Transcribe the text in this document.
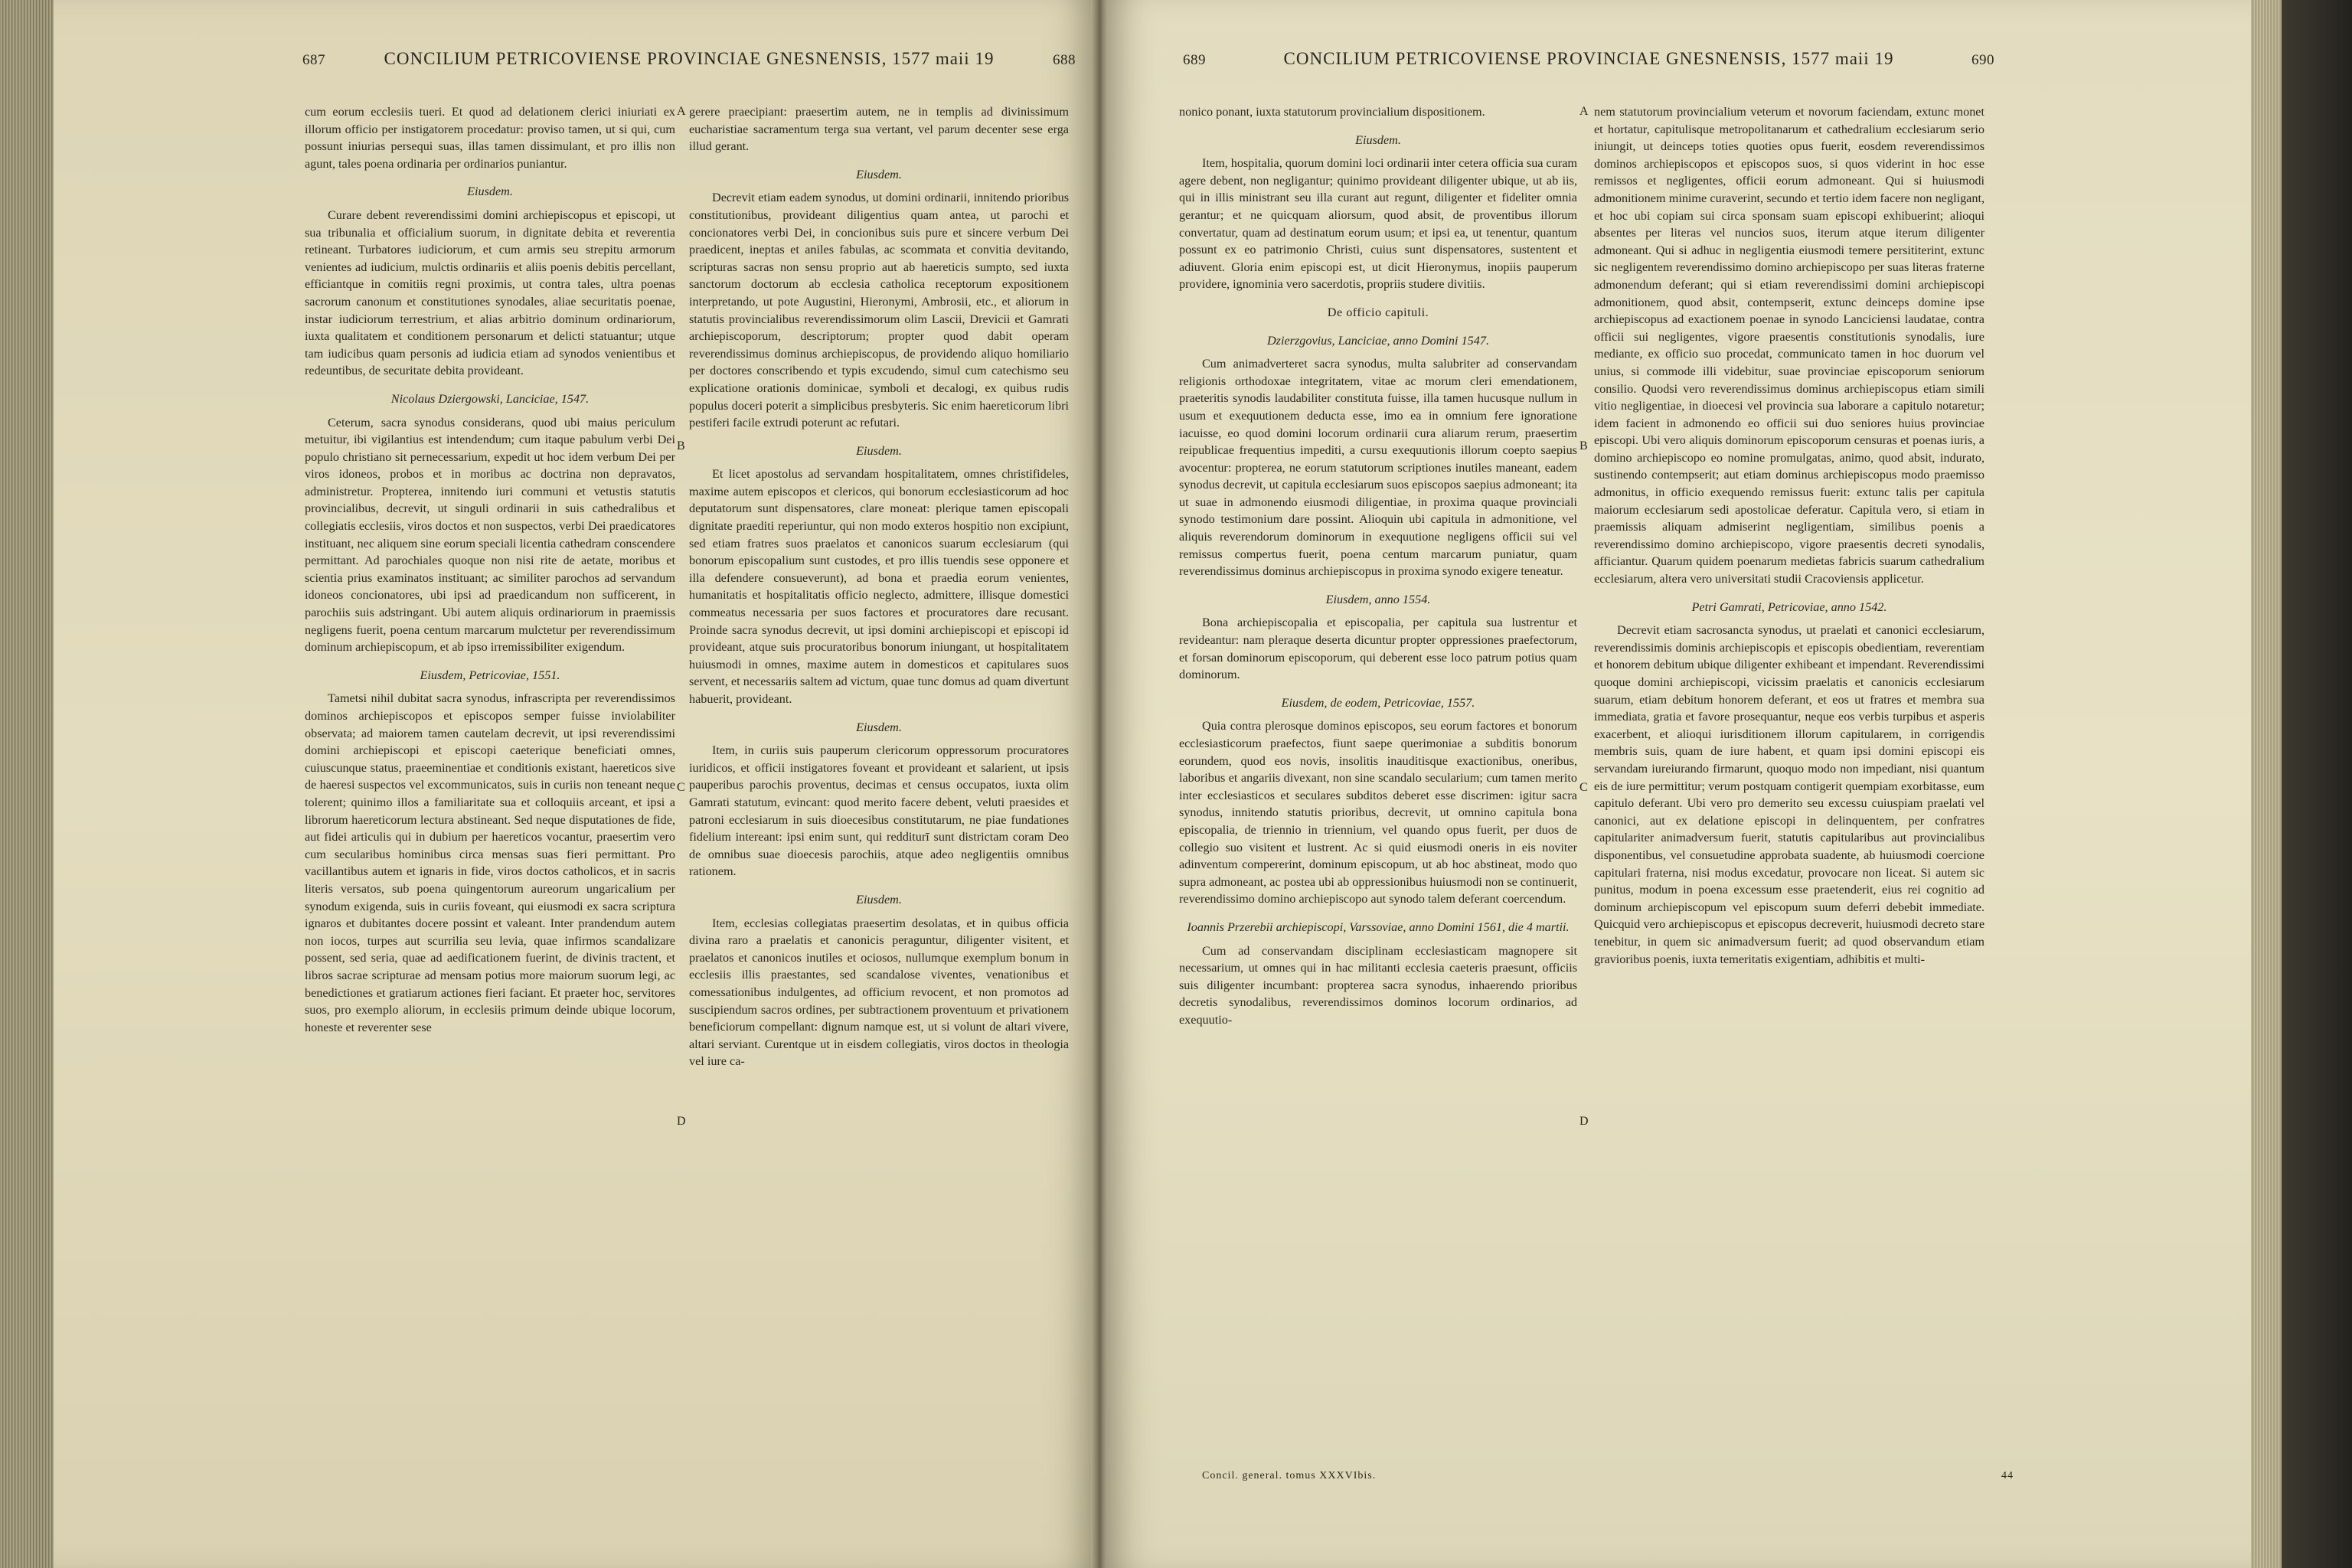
687	CONCILIUM PETRICOVIENSE PROVINCIAE GNESNENSIS, 1577 maii 19	688

cum eorum ecclesiis tueri. Et quod ad delationem clerici iniuriati ex illorum officio per instigatorem procedatur: proviso tamen, ut si qui, cum possunt iniurias persequi suas, illas tamen dissimulant, et pro illis non agunt, tales poena ordinaria per ordinarios puniantur.

Eiusdem.

Curare debent reverendissimi domini archiepiscopus et episcopi, ut sua tribunalia et officialium suorum, in dignitate debita et reverentia retineant. Turbatores iudiciorum, et cum armis seu strepitu armorum venientes ad iudicium, mulctis ordinariis et aliis poenis debitis percellant, efficiantque in comitiis regni proximis, ut contra tales, ultra poenas sacrorum canonum et constitutiones synodales, aliae securitatis poenae, instar iudiciorum terrestrium, et alias arbitrio dominum ordinariorum, iuxta qualitatem et conditionem personarum et delicti statuantur; utque tam iudicibus quam personis ad iudicia etiam ad synodos venientibus et redeuntibus, de securitate debita provideant.

Nicolaus Dziergowski, Lanciciae, 1547.

Ceterum, sacra synodus considerans, quod ubi maius periculum metuitur, ibi vigilantius est intendendum; cum itaque pabulum verbi Dei populo christiano sit pernecessarium, expedit ut hoc idem verbum Dei per viros idoneos, probos et in moribus ac doctrina non depravatos, administretur. Propterea, innitendo iuri communi et vetustis statutis provincialibus, decrevit, ut singuli ordinarii in suis cathedralibus et collegiatis ecclesiis, viros doctos et non suspectos, verbi Dei praedicatores instituant, nec aliquem sine eorum speciali licentia cathedram conscendere permittant. Ad parochiales quoque non nisi rite de aetate, moribus et scientia prius examinatos instituant; ac similiter parochos ad servandum idoneos concionatores, ubi ipsi ad praedicandum non sufficerent, in parochiis suis adstringant. Ubi autem aliquis ordinariorum in praemissis negligens fuerit, poena centum marcarum mulctetur per reverendissimum dominum archiepiscopum, et ab ipso irremissibiliter exigendum.

Eiusdem, Petricoviae, 1551.

Tametsi nihil dubitat sacra synodus, infrascripta per reverendissimos dominos archiepiscopos et episcopos semper fuisse inviolabiliter observata; ad maiorem tamen cautelam decrevit, ut ipsi reverendissimi domini archiepiscopi et episcopi caeterique beneficiati omnes, cuiuscunque status, praeeminentiae et conditionis existant, haereticos sive de haeresi suspectos vel excommunicatos, suis in curiis non teneant neque tolerent; quinimo illos a familiaritate sua et colloquiis arceant, et ipsi a librorum haereticorum lectura abstineant. Sed neque disputationes de fide, aut fidei articulis qui in dubium per haereticos vocantur, praesertim vero cum secularibus hominibus circa mensas suas fieri permittant. Pro vacillantibus autem et ignaris in fide, viros doctos catholicos, et in sacris literis versatos, sub poena quingentorum aureorum ungaricalium per synodum exigenda, suis in curiis foveant, qui eiusmodi ex sacra scriptura ignaros et dubitantes docere possint et valeant. Inter prandendum autem non iocos, turpes aut scurrilia seu levia, quae infirmos scandalizare possent, sed seria, quae ad aedificationem fuerint, de divinis tractent, et libros sacrae scripturae ad mensam potius more maiorum suorum legi, ac benedictiones et gratiarum actiones fieri faciant. Et praeter hoc, servitores suos, pro exemplo aliorum, in ecclesiis primum deinde ubique locorum, honeste et reverenter sese

gerere praecipiant: praesertim autem, ne in templis ad divinissimum eucharistiae sacramentum terga sua vertant, vel parum decenter sese erga illud gerant.

Eiusdem.

Decrevit etiam eadem synodus, ut domini ordinarii, innitendo prioribus constitutionibus, provideant diligentius quam antea, ut parochi et concionatores verbi Dei, in concionibus suis pure et sincere verbum Dei praedicent, ineptas et aniles fabulas, ac scommata et convitia devitando, scripturas sacras non sensu proprio aut ab haereticis sumpto, sed iuxta sanctorum doctorum ab ecclesia catholica receptorum expositionem interpretando, ut pote Augustini, Hieronymi, Ambrosii, etc., et aliorum in statutis provincialibus reverendissimorum olim Lascii, Drevicii et Gamrati archiepiscoporum, descriptorum; propter quod dabit operam reverendissimus dominus archiepiscopus, de providendo aliquo homiliario per doctores conscribendo et typis excudendo, simul cum catechismo seu explicatione orationis dominicae, symboli et decalogi, ex quibus rudis populus doceri poterit a simplicibus presbyteris. Sic enim haereticorum libri pestiferi facile extrudi poterunt ac refutari.

Eiusdem.

Et licet apostolus ad servandam hospitalitatem, omnes christifideles, maxime autem episcopos et clericos, qui bonorum ecclesiasticorum ad hoc deputatorum sunt dispensatores, clare moneat: plerique tamen episcopali dignitate praediti reperiuntur, qui non modo exteros hospitio non excipiunt, sed etiam fratres suos praelatos et canonicos suarum ecclesiarum (qui bonorum episcopalium sunt custodes, et pro illis tuendis sese opponere et illa defendere consueverunt), ad bona et praedia eorum venientes, humanitatis et hospitalitatis officio neglecto, admittere, illisque domestici commeatus necessaria per suos factores et procuratores dare recusant. Proinde sacra synodus decrevit, ut ipsi domini archiepiscopi et episcopi id provideant, atque suis procuratoribus bonorum iniungant, ut hospitalitatem huiusmodi in omnes, maxime autem in domesticos et capitulares suos servent, et necessariis saltem ad victum, quae tunc domus ad quam divertunt habuerit, provideant.

Eiusdem.

Item, in curiis suis pauperum clericorum oppressorum procuratores iuridicos, et officii instigatores foveant et provideant et salarient, ut ipsis pauperibus parochis proventus, decimas et census occupatos, iuxta olim Gamrati statutum, evincant: quod merito facere debent, veluti praesides et patroni ecclesiarum in suis dioecesibus constitutarum, ne piae fundationes fidelium intereant: ipsi enim sunt, qui redditurī sunt districtam coram Deo de omnibus suae dioecesis parochiis, atque adeo negligentiis omnibus rationem.

Eiusdem.

Item, ecclesias collegiatas praesertim desolatas, et in quibus officia divina raro a praelatis et canonicis peraguntur, diligenter visitent, et praelatos et canonicos inutiles et ociosos, nullumque exemplum bonum in ecclesiis illis praestantes, sed scandalose viventes, venationibus et comessationibus indulgentes, ad officium revocent, et non promotos ad suscipiendum sacros ordines, per subtractionem proventuum et privationem beneficiorum compellant: dignum namque est, ut si volunt de altari vivere, altari serviant. Curentque ut in eisdem collegiatis, viros doctos in theologia vel iure ca-

A
B
C
D
689	CONCILIUM PETRICOVIENSE PROVINCIAE GNESNENSIS, 1577 maii 19	690

nonico ponant, iuxta statutorum provincialium dispositionem.

Eiusdem.

Item, hospitalia, quorum domini loci ordinarii inter cetera officia sua curam agere debent, non negligantur; quinimo provideant diligenter ubique, ut ab iis, qui in illis ministrant seu illa curant aut regunt, diligenter et fideliter omnia gerantur; et ne quicquam aliorsum, quod absit, de proventibus illorum convertatur, quam ad destinatum eorum usum; et ipsi ea, ut tenentur, quantum possunt ex eo patrimonio Christi, cuius sunt dispensatores, sustentent et adiuvent. Gloria enim episcopi est, ut dicit Hieronymus, inopiis pauperum providere, ignominia vero sacerdotis, propriis studere divitiis.

De officio capituli.

Dzierzgovius, Lanciciae, anno Domini 1547.

Cum animadverteret sacra synodus, multa salubriter ad conservandam religionis orthodoxae integritatem, vitae ac morum cleri emendationem, praeteritis synodis laudabiliter constituta fuisse, illa tamen hucusque nullum in usum et exequutionem deducta esse, imo ea in omnium fere ignoratione iacuisse, eo quod domini locorum ordinarii cura aliarum rerum, praesertim reipublicae frequentius impediti, a cursu exequutionis illorum coepto saepius avocentur: propterea, ne eorum statutorum scriptiones inutiles maneant, eadem synodus decrevit, ut capitula ecclesiarum suos episcopos saepius admoneant; ita ut suae in admonendo eiusmodi diligentiae, in proxima quaque provinciali synodo testimonium dare possint. Alioquin ubi capitula in admonitione, vel aliquis reverendorum dominorum in exequutione negligens officii sui vel remissus compertus fuerit, poena centum marcarum puniatur, quam reverendissimus dominus archiepiscopus in proxima synodo exigere teneatur.

Eiusdem, anno 1554.

Bona archiepiscopalia et episcopalia, per capitula sua lustrentur et revideantur: nam pleraque deserta dicuntur propter oppressiones praefectorum, et forsan dominorum episcoporum, qui deberent esse loco patrum potius quam dominorum.

Eiusdem, de eodem, Petricoviae, 1557.

Quia contra plerosque dominos episcopos, seu eorum factores et bonorum ecclesiasticorum praefectos, fiunt saepe querimoniae a subditis bonorum eorundem, quod eos novis, insolitis inauditisque exactionibus, oneribus, laboribus et angariis divexant, non sine scandalo secularium; cum tamen merito inter ecclesiasticos et seculares subditos deberet esse discrimen: igitur sacra synodus, innitendo statutis prioribus, decrevit, ut omnino capitula bona episcopalia, de triennio in triennium, vel quando opus fuerit, per duos de collegio suo visitent et lustrent. Ac si quid eiusmodi oneris in eis noviter adinventum compererint, dominum episcopum, ut ab hoc abstineat, modo quo supra admoneant, ac postea ubi ab oppressionibus huiusmodi non se continuerit, reverendissimo domino archiepiscopo aut synodo talem deferant coercendum.

Ioannis Przerebii archiepiscopi, Varssoviae, anno Domini 1561, die 4 martii.

Cum ad conservandam disciplinam ecclesiasticam magnopere sit necessarium, ut omnes qui in hac militanti ecclesia caeteris praesunt, officiis suis diligenter incumbant: propterea sacra synodus, inhaerendo prioribus decretis synodalibus, reverendissimos dominos locorum ordinarios, ad exequutio-

nem statutorum provincialium veterum et novorum faciendam, extunc monet et hortatur, capitulisque metropolitanarum et cathedralium ecclesiarum serio iniungit, ut deinceps toties quoties opus fuerit, eosdem reverendissimos dominos archiepiscopos et episcopos suos, si quos viderint in hoc esse remissos et negligentes, officii eorum admoneant. Qui si huiusmodi admonitionem minime curaverint, secundo et tertio idem facere non negligant, et hoc ubi copiam sui circa sponsam suam episcopi exhibuerint; alioqui absentes per literas vel nuncios suos, iterum atque iterum diligenter admoneant. Qui si adhuc in negligentia eiusmodi temere persititerint, extunc sic negligentem reverendissimo domino archiepiscopo per suas literas fraterne admonendum deferant; qui si etiam reverendissimi domini archiepiscopi admonitionem, quod absit, contempserit, extunc deinceps domine ipse archiepiscopus ad exactionem poenae in synodo Lanciciensi laudatae, contra officii sui negligentes, vigore praesentis constitutionis synodalis, iure mediante, ex officio suo procedat, communicato tamen in hoc duorum vel unius, si commode illi videbitur, suae provinciae episcoporum seniorum consilio. Quodsi vero reverendissimus dominus archiepiscopus etiam simili vitio negligentiae, in dioecesi vel provincia sua laborare a capitulo notaretur; idem facient in admonendo eo officii sui duo seniores huius provinciae episcopi. Ubi vero aliquis dominorum episcoporum censuras et poenas iuris, a domino archiepiscopo eo nomine promulgatas, animo, quod absit, indurato, sustinendo contempserit; aut etiam dominus archiepiscopus modo praemisso admonitus, in officio exequendo remissus fuerit: extunc talis per capitula maiorum ecclesiarum sedi apostolicae deferatur. Capitula vero, si etiam in praemissis aliquam admiserint negligentiam, similibus poenis a reverendissimo domino archiepiscopo, vigore praesentis decreti synodalis, afficiantur. Quarum quidem poenarum medietas fabricis suarum cathedralium ecclesiarum, altera vero universitati studii Cracoviensis applicetur.

Petri Gamrati, Petricoviae, anno 1542.

Decrevit etiam sacrosancta synodus, ut praelati et canonici ecclesiarum, reverendissimis dominis archiepiscopis et episcopis obedientiam, reverentiam et honorem debitum ubique diligenter exhibeant et impendant. Reverendissimi quoque domini archiepiscopi, vicissim praelatis et canonicis ecclesiarum suarum, etiam debitum honorem deferant, et eos ut fratres et membra sua immediata, gratia et favore prosequantur, neque eos verbis turpibus et asperis exacerbent, et alioqui iurisditionem illorum capitularem, in corrigendis membris suis, quam de iure habent, et quam ipsi domini episcopi eis servandam iureiurando firmarunt, quoquo modo non impediant, nisi quantum eis de iure permittitur; verum postquam contigerit quempiam exorbitasse, eum capitulo deferant. Ubi vero pro demerito seu excessu cuiuspiam praelati vel canonici, aut ex delatione episcopi in delinquentem, per confratres capitulariter animadversum fuerit, statutis capitularibus aut provincialibus disponentibus, vel consuetudine approbata suadente, ab huiusmodi coercione capitulari fraterna, nisi modus excedatur, provocare non liceat. Si autem sic punitus, modum in poena excessum esse praetenderit, eius rei cognitio ad dominum archiepiscopum vel episcopum suum deferri debebit immediate. Quicquid vero archiepiscopus et episcopus decreverit, huiusmodi decreto stare tenebitur, in quem sic animadversum fuerit; ad quod observandum etiam gravioribus poenis, iuxta temeritatis exigentiam, adhibitis et multi-

A
B
C
D
Concil. general. tomus XXXVIbis.	44
